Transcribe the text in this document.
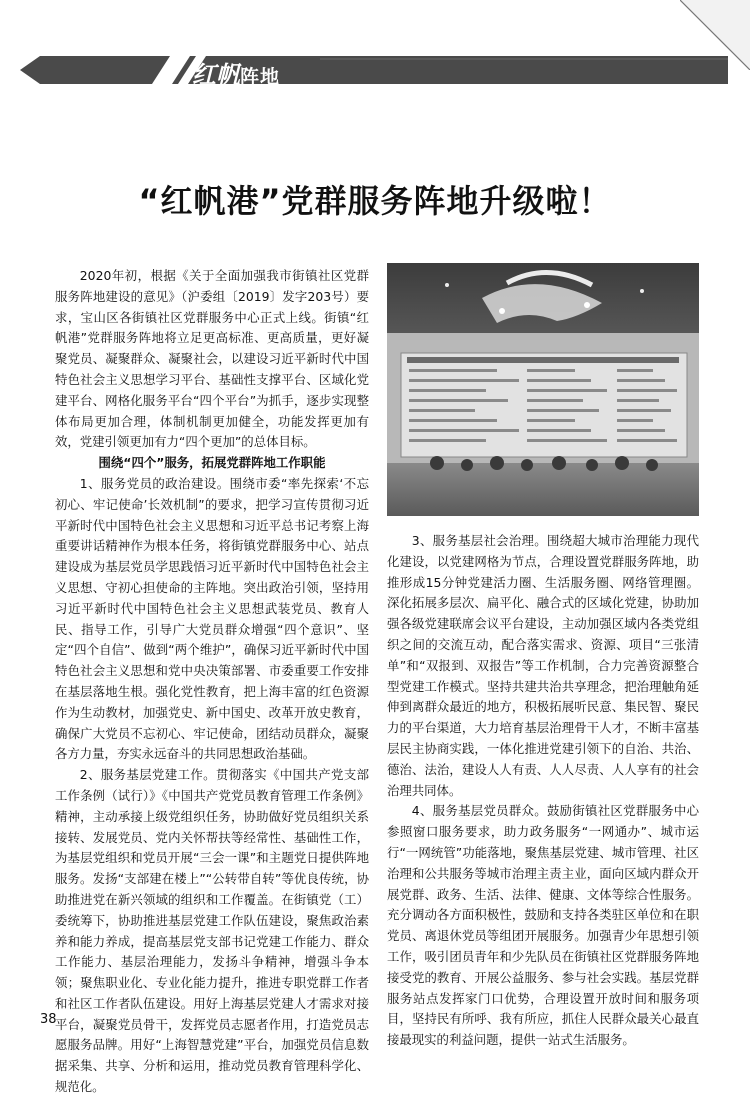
红帆阵地
“红帆港”党群服务阵地升级啦！

2020年初，根据《关于全面加强我市街镇社区党群服务阵地建设的意见》（沪委组〔2019〕发字203号）要求，宝山区各街镇社区党群服务中心正式上线。街镇“红帆港”党群服务阵地将立足更高标准、更高质量，更好凝聚党员、凝聚群众、凝聚社会，以建设习近平新时代中国特色社会主义思想学习平台、基础性支撑平台、区域化党建平台、网格化服务平台“四个平台”为抓手，逐步实现整体布局更加合理，体制机制更加健全，功能发挥更加有效，党建引领更加有力“四个更加”的总体目标。

围绕“四个”服务，拓展党群阵地工作职能

1、服务党员的政治建设。围绕市委“率先探索‘不忘初心、牢记使命’长效机制”的要求，把学习宣传贯彻习近平新时代中国特色社会主义思想和习近平总书记考察上海重要讲话精神作为根本任务，将街镇党群服务中心、站点建设成为基层党员学思践悟习近平新时代中国特色社会主义思想、守初心担使命的主阵地。突出政治引领，坚持用习近平新时代中国特色社会主义思想武装党员、教育人民、指导工作，引导广大党员群众增强“四个意识”、坚定“四个自信”、做到“两个维护”，确保习近平新时代中国特色社会主义思想和党中央决策部署、市委重要工作安排在基层落地生根。强化党性教育，把上海丰富的红色资源作为生动教材，加强党史、新中国史、改革开放史教育，确保广大党员不忘初心、牢记使命，团结动员群众，凝聚各方力量，夯实永远奋斗的共同思想政治基础。

2、服务基层党建工作。贯彻落实《中国共产党支部工作条例（试行）》《中国共产党党员教育管理工作条例》精神，主动承接上级党组织任务，协助做好党员组织关系接转、发展党员、党内关怀帮扶等经常性、基础性工作，为基层党组织和党员开展“三会一课”和主题党日提供阵地服务。发扬“支部建在楼上”“公转带自转”等优良传统，协助推进党在新兴领域的组织和工作覆盖。在街镇党（工）委统筹下，协助推进基层党建工作队伍建设，聚焦政治素养和能力养成，提高基层党支部书记党建工作能力、群众工作能力、基层治理能力，发扬斗争精神，增强斗争本领；聚焦职业化、专业化能力提升，推进专职党群工作者和社区工作者队伍建设。用好上海基层党建人才需求对接平台，凝聚党员骨干，发挥党员志愿者作用，打造党员志愿服务品牌。用好“上海智慧党建”平台，加强党员信息数据采集、共享、分析和运用，推动党员教育管理科学化、规范化。

3、服务基层社会治理。围绕超大城市治理能力现代化建设，以党建网格为节点，合理设置党群服务阵地，助推形成15分钟党建活力圈、生活服务圈、网络管理圈。深化拓展多层次、扁平化、融合式的区域化党建，协助加强各级党建联席会议平台建设，主动加强区域内各类党组织之间的交流互动，配合落实需求、资源、项目“三张清单”和“双报到、双报告”等工作机制，合力完善资源整合型党建工作模式。坚持共建共治共享理念，把治理触角延伸到离群众最近的地方，积极拓展听民意、集民智、聚民力的平台渠道，大力培育基层治理骨干人才，不断丰富基层民主协商实践，一体化推进党建引领下的自治、共治、德治、法治，建设人人有责、人人尽责、人人享有的社会治理共同体。

4、服务基层党员群众。鼓励街镇社区党群服务中心参照窗口服务要求，助力政务服务“一网通办”、城市运行“一网统管”功能落地，聚焦基层党建、城市管理、社区治理和公共服务等城市治理主责主业，面向区域内群众开展党群、政务、生活、法律、健康、文体等综合性服务。充分调动各方面积极性，鼓励和支持各类驻区单位和在职党员、离退休党员等组团开展服务。加强青少年思想引领工作，吸引团员青年和少先队员在街镇社区党群服务阵地接受党的教育、开展公益服务、参与社会实践。基层党群服务站点发挥家门口优势，合理设置开放时间和服务项目，坚持民有所呼、我有所应，抓住人民群众最关心最直接最现实的利益问题，提供一站式生活服务。

38
